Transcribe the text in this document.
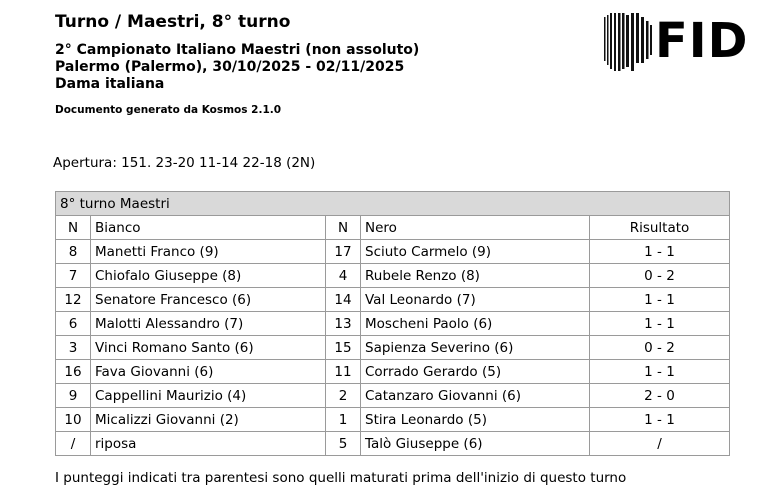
Turno / Maestri, 8° turno
2° Campionato Italiano Maestri (non assoluto)
Palermo (Palermo), 30/10/2025 - 02/11/2025
Dama italiana
Documento generato da Kosmos 2.1.0
FID
Apertura: 151. 23-20 11-14 22-18 (2N)
8° turno Maestri				
N	Bianco	N	Nero	Risultato
8	Manetti Franco (9)	17	Sciuto Carmelo (9)	1 - 1
7	Chiofalo Giuseppe (8)	4	Rubele Renzo (8)	0 - 2
12	Senatore Francesco (6)	14	Val Leonardo (7)	1 - 1
6	Malotti Alessandro (7)	13	Moscheni Paolo (6)	1 - 1
3	Vinci Romano Santo (6)	15	Sapienza Severino (6)	0 - 2
16	Fava Giovanni (6)	11	Corrado Gerardo (5)	1 - 1
9	Cappellini Maurizio (4)	2	Catanzaro Giovanni (6)	2 - 0
10	Micalizzi Giovanni (2)	1	Stira Leonardo (5)	1 - 1
/	riposa	5	Talò Giuseppe (6)	/
I punteggi indicati tra parentesi sono quelli maturati prima dell'inizio di questo turno
